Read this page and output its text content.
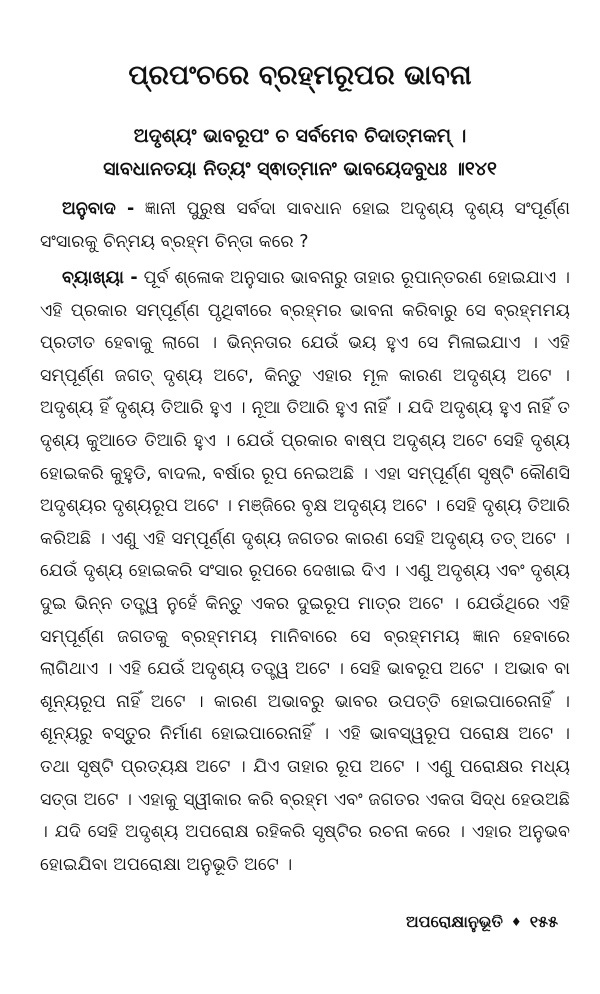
ପ୍ରପଂଚରେ ବ୍ରହ୍ମରୂପର ଭାବନା
ଅଦୃଶ୍ୟଂ ଭାବରୂପଂ ଚ ସର୍ବମେବ ଚିଦାତ୍ମକମ୍ ।
ସାବଧାନତୟା ନିତ୍ୟଂ ସ୍ଵାତ୍ମାନଂ ଭାବୟେଦବୁଧଃ ॥୧୪୧
ଅନୁବାଦ - ଜ୍ଞାନୀ ପୁରୁଷ ସର୍ବଦା ସାବଧାନ ହୋଇ ଅଦୃଶ୍ୟ ଦୃଶ୍ୟ ସଂପୂର୍ଣ୍ଣ ସଂସାରକୁ ଚିନ୍ମୟ ବ୍ରହ୍ମ ଚିନ୍ତା କରେ ?
ବ୍ୟାଖ୍ୟା - ପୂର୍ବ ଶ୍ଳୋକ ଅନୁସାର ଭାବନାରୁ ତାହାର ରୂପାନ୍ତରଣ ହୋଇଯାଏ । ଏହି ପ୍ରକାର ସମ୍ପୂର୍ଣ୍ଣ ପୃଥିବୀରେ ବ୍ରହ୍ମର ଭାବନା କରିବାରୁ ସେ ବ୍ରହ୍ମମୟ ପ୍ରତୀତ ହେବାକୁ ଲାଗେ । ଭିନ୍ନତାର ଯେଉଁ ଭୟ ହୁଏ ସେ ମିଳାଇଯାଏ । ଏହି ସମ୍ପୂର୍ଣ୍ଣ ଜଗତ୍ ଦୃଶ୍ୟ ଅଟେ, କିନ୍ତୁ ଏହାର ମୂଳ କାରଣ ଅଦୃଶ୍ୟ ଅଟେ । ଅଦୃଶ୍ୟ ହିଁ ଦୃଶ୍ୟ ତିଆରି ହୁଏ । ନୂଆ ତିଆରି ହୁଏ ନାହିଁ । ଯଦି ଅଦୃଶ୍ୟ ହୁଏ ନାହିଁ ତ ଦୃଶ୍ୟ କୁଆଡେ ତିଆରି ହୁଏ । ଯେଉଁ ପ୍ରକାର ବାଷ୍ପ ଅଦୃଶ୍ୟ ଅଟେ ସେହି ଦୃଶ୍ୟ ହୋଇକରି କୁହୁଡି, ବାଦଲ, ବର୍ଷାର ରୂପ ନେଇଅଛି । ଏହା ସମ୍ପୂର୍ଣ୍ଣ ସୃଷ୍ଟି କୌଣସି ଅଦୃଶ୍ୟର ଦୃଶ୍ୟରୂପ ଅଟେ । ମଞ୍ଜିରେ ବୃକ୍ଷ ଅଦୃଶ୍ୟ ଅଟେ । ସେହି ଦୃଶ୍ୟ ତିଆରି କରିଅଛି । ଏଣୁ ଏହି ସମ୍ପୂର୍ଣ୍ଣ ଦୃଶ୍ୟ ଜଗତର କାରଣ ସେହି ଅଦୃଶ୍ୟ ତତ୍ ଅଟେ । ଯେଉଁ ଦୃଶ୍ୟ ହୋଇକରି ସଂସାର ରୂପରେ ଦେଖାଇ ଦିଏ । ଏଣୁ ଅଦୃଶ୍ୟ ଏବଂ ଦୃଶ୍ୟ ଦୁଇ ଭିନ୍ନ ତତ୍ତ୍ୱ ନୁହେଁ କିନ୍ତୁ ଏକର ଦୁଇରୂପ ମାତ୍ର ଅଟେ । ଯେଉଁଥିରେ ଏହି ସମ୍ପୂର୍ଣ୍ଣ ଜଗତକୁ ବ୍ରହ୍ମମୟ ମାନିବାରେ ସେ ବ୍ରହ୍ମମୟ ଜ୍ଞାନ ହେବାରେ ଲାଗିଥାଏ । ଏହି ଯେଉଁ ଅଦୃଶ୍ୟ ତତ୍ତ୍ୱ ଅଟେ । ସେହି ଭାବରୂପ ଅଟେ । ଅଭାବ ବା ଶୂନ୍ୟରୂପ ନାହିଁ ଅଟେ । କାରଣ ଅଭାବରୁ ଭାବର ଉପତ୍ତି ହୋଇପାରେନାହିଁ । ଶୂନ୍ୟରୁ ବସ୍ତୁର ନିର୍ମାଣ ହୋଇପାରେନାହିଁ । ଏହି ଭାବସ୍ୱରୂପ ପରୋକ୍ଷ ଅଟେ । ତଥା ସୃଷ୍ଟି ପ୍ରତ୍ୟକ୍ଷ ଅଟେ । ଯିଏ ତାହାର ରୂପ ଅଟେ । ଏଣୁ ପରୋକ୍ଷର ମଧ୍ୟ ସତ୍ତା ଅଟେ । ଏହାକୁ ସ୍ୱୀକାର କରି ବ୍ରହ୍ମ ଏବଂ ଜଗତର ଏକତା ସିଦ୍ଧ ହେଉଅଛି । ଯଦି ସେହି ଅଦୃଶ୍ୟ ଅପରୋକ୍ଷ ରହିକରି ସୃଷ୍ଟିର ରଚନା କରେ । ଏହାର ଅନୁଭବ ହୋଇଯିବା ଅପରୋକ୍ଷା ଅନୁଭୂତି ଅଟେ ।
ଅପରୋକ୍ଷାନୁଭୂତି ♦ ୧୫୫
